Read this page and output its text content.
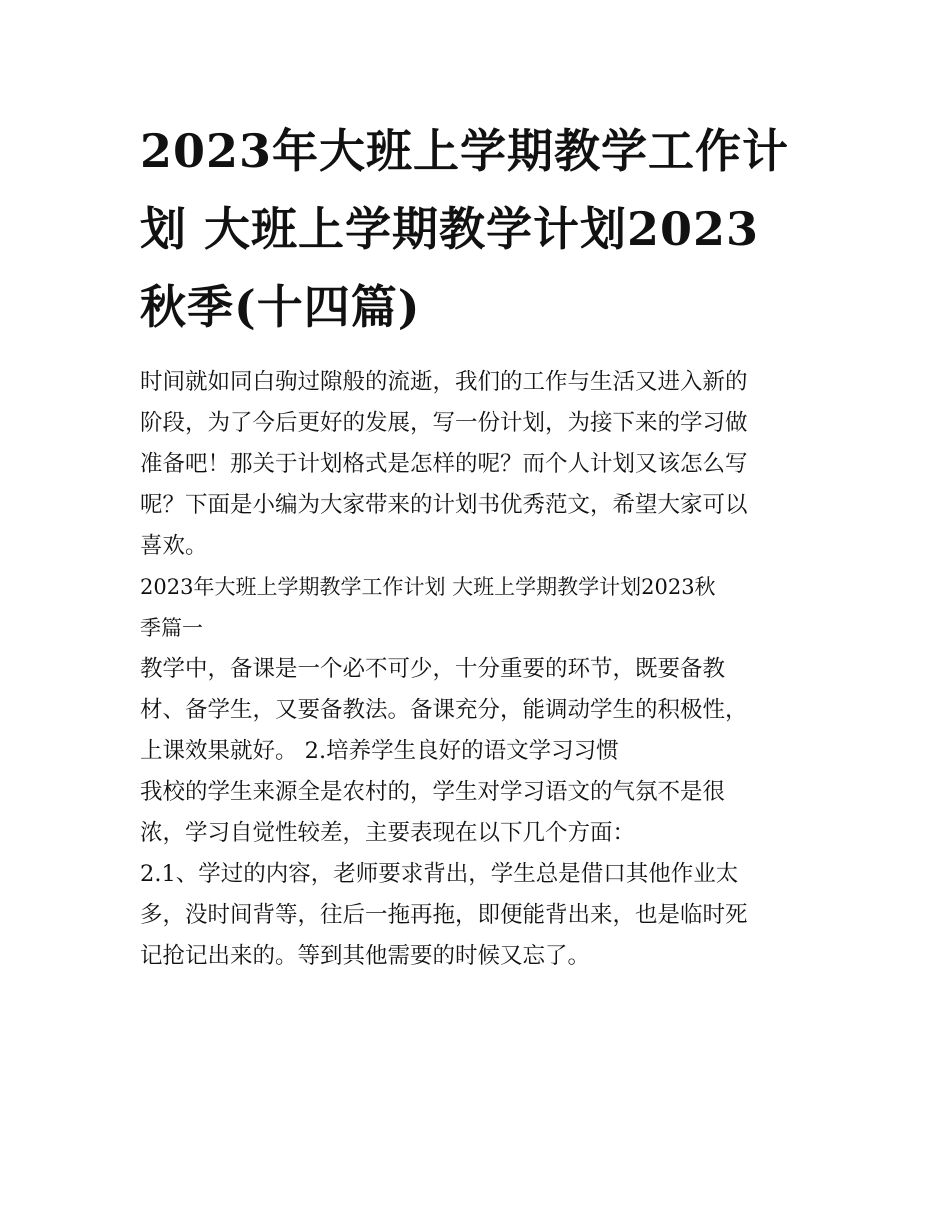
2023年大班上学期教学工作计
划 大班上学期教学计划2023
秋季(十四篇)

时间就如同白驹过隙般的流逝，我们的工作与生活又进入新的
阶段，为了今后更好的发展，写一份计划，为接下来的学习做
准备吧！那关于计划格式是怎样的呢？而个人计划又该怎么写
呢？下面是小编为大家带来的计划书优秀范文，希望大家可以
喜欢。

2023年大班上学期教学工作计划 大班上学期教学计划2023秋
季篇一

教学中，备课是一个必不可少，十分重要的环节，既要备教
材、备学生，又要备教法。备课充分，能调动学生的积极性，
上课效果就好。 2.培养学生良好的语文学习习惯

我校的学生来源全是农村的，学生对学习语文的气氛不是很
浓，学习自觉性较差，主要表现在以下几个方面：

2.1、学过的内容，老师要求背出，学生总是借口其他作业太
多，没时间背等，往后一拖再拖，即便能背出来，也是临时死
记抢记出来的。等到其他需要的时候又忘了。
